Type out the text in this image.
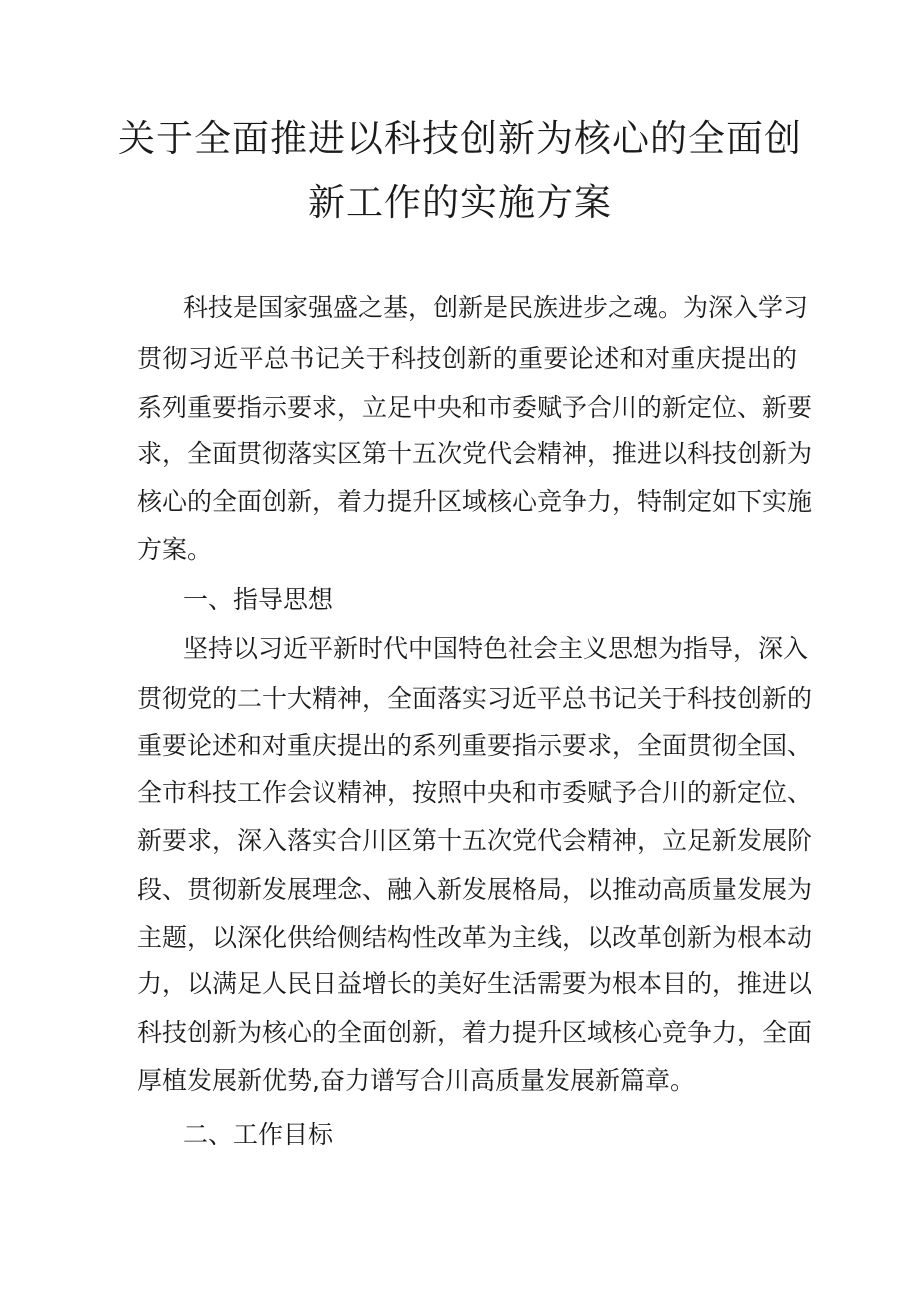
关于全面推进以科技创新为核心的全面创
新工作的实施方案
科技是国家强盛之基，创新是民族进步之魂。为深入学习
贯彻习近平总书记关于科技创新的重要论述和对重庆提出的
系列重要指示要求，立足中央和市委赋予合川的新定位、新要
求，全面贯彻落实区第十五次党代会精神，推进以科技创新为
核心的全面创新，着力提升区域核心竞争力，特制定如下实施
方案。
一、指导思想
坚持以习近平新时代中国特色社会主义思想为指导，深入
贯彻党的二十大精神，全面落实习近平总书记关于科技创新的
重要论述和对重庆提出的系列重要指示要求，全面贯彻全国、
全市科技工作会议精神，按照中央和市委赋予合川的新定位、
新要求，深入落实合川区第十五次党代会精神，立足新发展阶
段、贯彻新发展理念、融入新发展格局，以推动高质量发展为
主题，以深化供给侧结构性改革为主线，以改革创新为根本动
力，以满足人民日益增长的美好生活需要为根本目的，推进以
科技创新为核心的全面创新，着力提升区域核心竞争力，全面
厚植发展新优势,奋力谱写合川高质量发展新篇章。
二、工作目标
